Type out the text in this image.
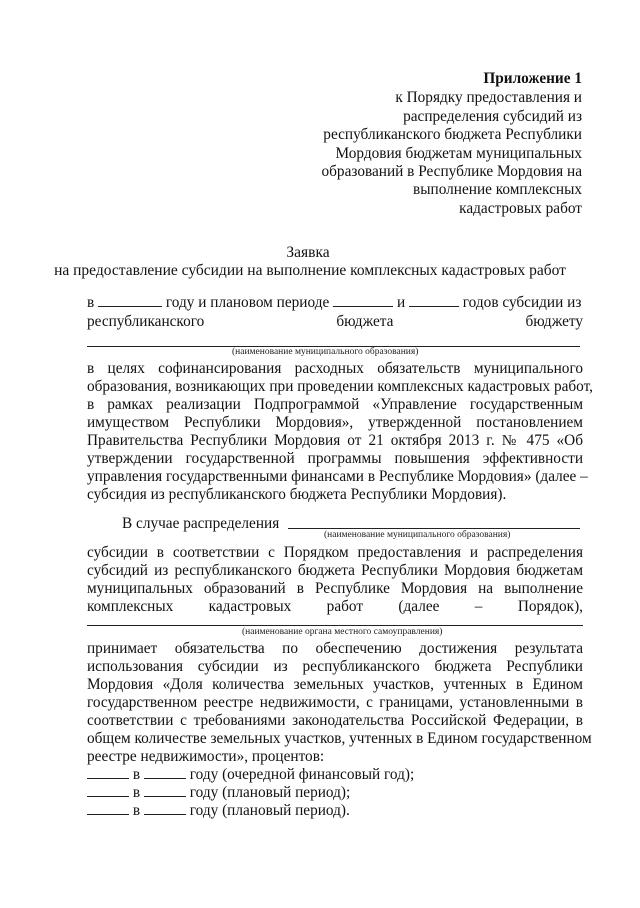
Приложение 1
к Порядку предоставления и
распределения субсидий из
республиканского бюджета Республики
Мордовия бюджетам муниципальных
образований в Республике Мордовия на
выполнение комплексных
кадастровых работ
Заявка
на предоставление субсидии на выполнение комплексных кадастровых работ
в	году и плановом периоде	и	годов субсидии из
республиканского	бюджета	бюджету
(наименование муниципального образования)
в целях софинансирования расходных обязательств муниципального
образования, возникающих при проведении комплексных кадастровых работ,
в рамках реализации Подпрограммой «Управление государственным
имуществом Республики Мордовия», утвержденной постановлением
Правительства Республики Мордовия от 21 октября 2013 г. № 475 «Об
утверждении государственной программы повышения эффективности
управления государственными финансами в Республике Мордовия» (далее –
субсидия из республиканского бюджета Республики Мордовия).
В случае распределения
(наименование муниципального образования)
субсидии в соответствии с Порядком предоставления и распределения
субсидий из республиканского бюджета Республики Мордовия бюджетам
муниципальных образований в Республике Мордовия на выполнение
комплексных кадастровых работ (далее – Порядок),
(наименование органа местного самоуправления)
принимает обязательства по обеспечению достижения результата
использования субсидии из республиканского бюджета Республики
Мордовия «Доля количества земельных участков, учтенных в Едином
государственном реестре недвижимости, с границами, установленными в
соответствии с требованиями законодательства Российской Федерации, в
общем количестве земельных участков, учтенных в Едином государственном
реестре недвижимости», процентов:
в	году (очередной финансовый год);
в	году (плановый период);
в	году (плановый период).
